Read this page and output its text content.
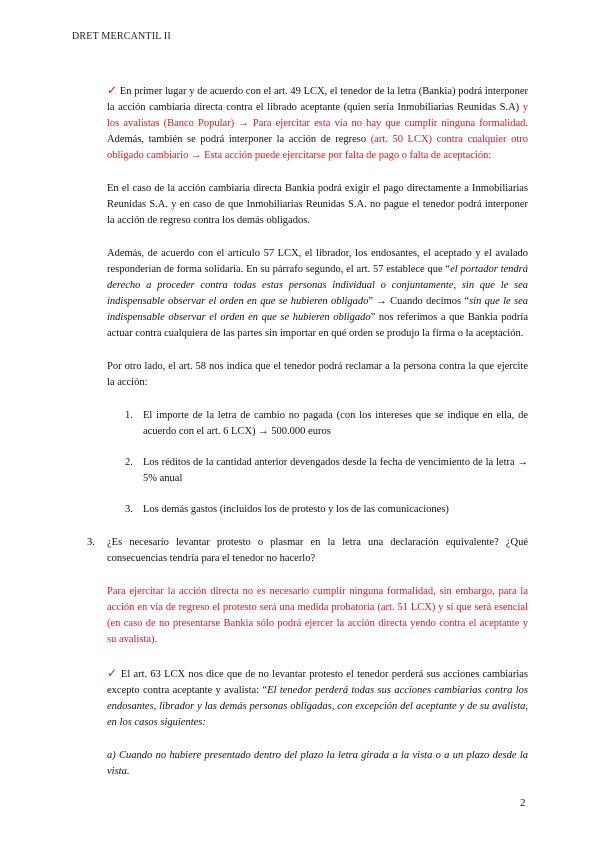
DRET MERCANTIL II

✓ En primer lugar y de acuerdo con el art. 49 LCX, el tenedor de la letra (Bankia) podrá interponer la acción cambiaria directa contra el librado aceptante (quien sería Inmobiliarias Reunidas S.A) y los avalistas (Banco Popular) → Para ejercitar esta vía no hay que cumplir ninguna formalidad. Además, también se podrá interponer la acción de regreso (art. 50 LCX) contra cualquier otro obligado cambiario → Esta acción puede ejercitarse por falta de pago o falta de aceptación:

En el caso de la acción cambiaria directa Bankia podrá exigir el pago directamente a Inmobiliarias Reunidas S.A. y en caso de que Inmobiliarias Reunidas S.A. no pague el tenedor podrá interponer la acción de regreso contra los demás obligados.

Además, de acuerdo con el artículo 57 LCX, el librador, los endosantes, el aceptado y el avalado responderían de forma solidaria. En su párrafo segundo, el art. 57 establece que “el portador tendrá derecho a proceder contra todas estas personas individual o conjuntamente, sin que le sea indispensable observar el orden en que se hubieren obligado” → Cuando decimos “sin que le sea indispensable observar el orden en que se hubieren obligado” nos referimos a que Bankia podría actuar contra cualquiera de las partes sin importar en qué orden se produjo la firma o la aceptación.

Por otro lado, el art. 58 nos indica que el tenedor podrá reclamar a la persona contra la que ejercite la acción:

1. El importe de la letra de cambio no pagada (con los intereses que se indique en ella, de acuerdo con el art. 6 LCX) → 500.000 euros
2. Los réditos de la cantidad anterior devengados desde la fecha de vencimiento de la letra → 5% anual
3. Los demás gastos (incluidos los de protesto y los de las comunicaciones)

3. ¿Es necesario levantar protesto o plasmar en la letra una declaración equivalente? ¿Qué consecuencias tendría para el tenedor no hacerlo?

Para ejercitar la acción directa no es necesario cumplir ninguna formalidad, sin embargo, para la acción en vía de regreso el protesto será una medida probatoria (art. 51 LCX) y sí que será esencial (en caso de no presentarse Bankia sólo podrá ejercer la acción directa yendo contra el aceptante y su avalista).

✓ El art. 63 LCX nos dice que de no levantar protesto el tenedor perderá sus acciones cambiarias excepto contra aceptante y avalista: “El tenedor perderá todas sus acciones cambiarias contra los endosantes, librador y las demás personas obligadas, con excepción del aceptante y de su avalista, en los casos siguientes:

a) Cuando no hubiere presentado dentro del plazo la letra girada a la vista o a un plazo desde la vista.

2
